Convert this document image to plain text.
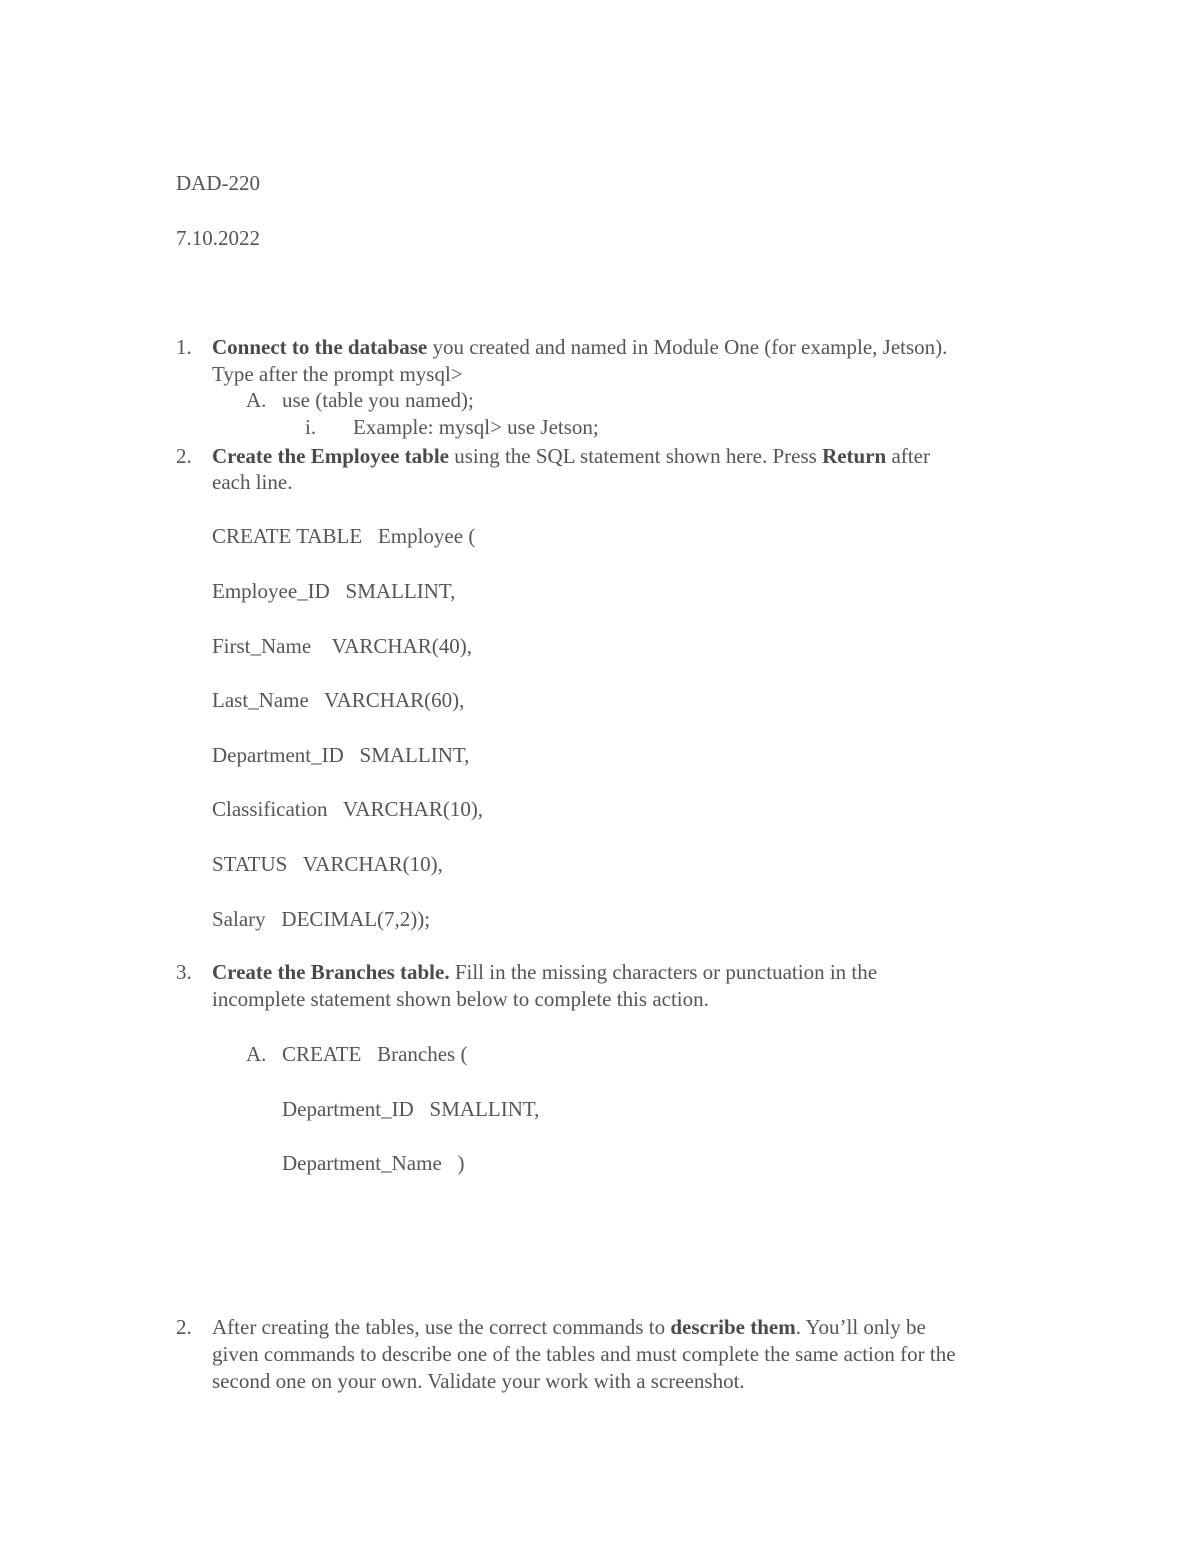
DAD-220
7.10.2022
1. Connect to the database you created and named in Module One (for example, Jetson).
Type after the prompt mysql>
A. use (table you named);
i. Example: mysql> use Jetson;
2. Create the Employee table using the SQL statement shown here. Press Return after
each line.
CREATE TABLE   Employee (
Employee_ID   SMALLINT,
First_Name    VARCHAR(40),
Last_Name   VARCHAR(60),
Department_ID   SMALLINT,
Classification   VARCHAR(10),
STATUS   VARCHAR(10),
Salary   DECIMAL(7,2));
3. Create the Branches table. Fill in the missing characters or punctuation in the
incomplete statement shown below to complete this action.
A. CREATE   Branches (
Department_ID   SMALLINT,
Department_Name   )
2. After creating the tables, use the correct commands to describe them. You’ll only be
given commands to describe one of the tables and must complete the same action for the
second one on your own. Validate your work with a screenshot.
